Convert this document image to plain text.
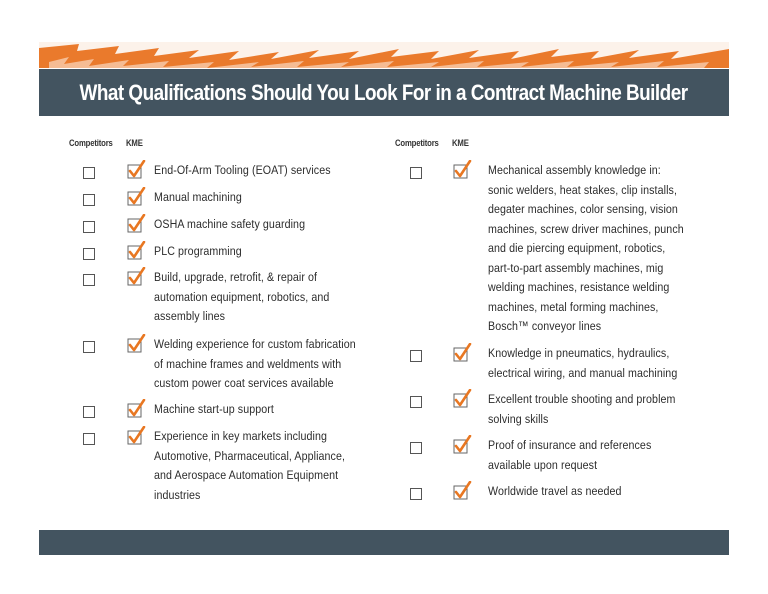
What Qualifications Should You Look For in a Contract Machine Builder
Competitors KME	Competitors KME
End-Of-Arm Tooling (EOAT) services
Manual machining
OSHA machine safety guarding
PLC programming
Build, upgrade, retrofit, & repair of
automation equipment, robotics, and
assembly lines
Welding experience for custom fabrication
of machine frames and weldments with
custom power coat services available
Machine start-up support
Experience in key markets including
Automotive, Pharmaceutical, Appliance,
and Aerospace Automation Equipment
industries
Mechanical assembly knowledge in:
sonic welders, heat stakes, clip installs,
degater machines, color sensing, vision
machines, screw driver machines, punch
and die piercing equipment, robotics,
part-to-part assembly machines, mig
welding machines, resistance welding
machines, metal forming machines,
Bosch™ conveyor lines
Knowledge in pneumatics, hydraulics,
electrical wiring, and manual machining
Excellent trouble shooting and problem
solving skills
Proof of insurance and references
available upon request
Worldwide travel as needed
